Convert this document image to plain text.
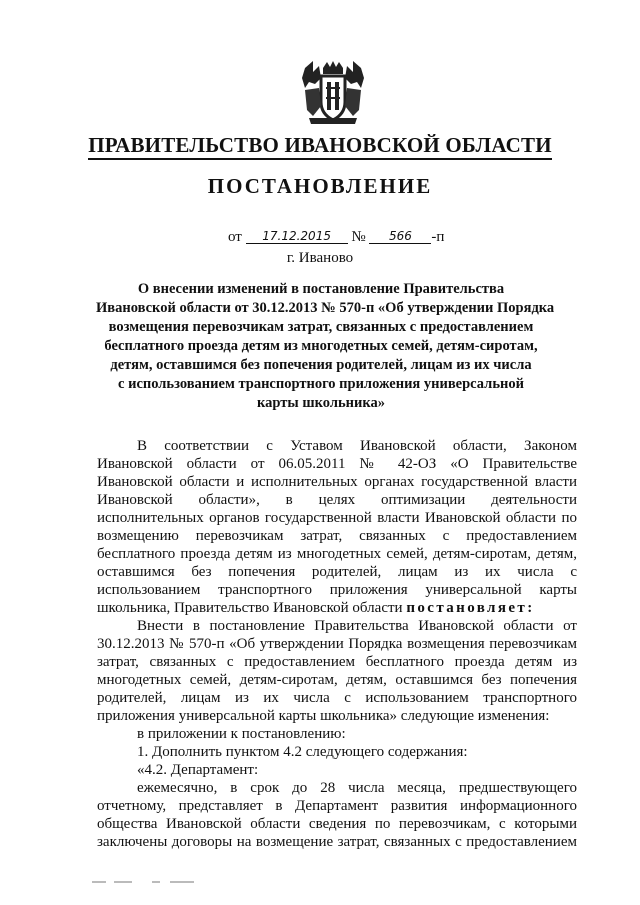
ПРАВИТЕЛЬСТВО ИВАНОВСКОЙ ОБЛАСТИ
ПОСТАНОВЛЕНИЕ
от 17.12.2015 № 566 -п
г. Иваново
О внесении изменений в постановление Правительства
Ивановской области от 30.12.2013 № 570-п «Об утверждении Порядка
возмещения перевозчикам затрат, связанных с предоставлением
бесплатного проезда детям из многодетных семей, детям-сиротам,
детям, оставшимся без попечения родителей, лицам из их числа
с использованием транспортного приложения универсальной
карты школьника»
В соответствии с Уставом Ивановской области, Законом
Ивановской области от 06.05.2011 № 42-ОЗ «О Правительстве
Ивановской области и исполнительных органах государственной власти
Ивановской области», в целях оптимизации деятельности
исполнительных органов государственной власти Ивановской области по
возмещению перевозчикам затрат, связанных с предоставлением
бесплатного проезда детям из многодетных семей, детям-сиротам, детям,
оставшимся без попечения родителей, лицам из их числа с
использованием транспортного приложения универсальной карты
школьника, Правительство Ивановской области постановляет:
Внести в постановление Правительства Ивановской области от
30.12.2013 № 570-п «Об утверждении Порядка возмещения перевозчикам
затрат, связанных с предоставлением бесплатного проезда детям из
многодетных семей, детям-сиротам, детям, оставшимся без попечения
родителей, лицам из их числа с использованием транспортного
приложения универсальной карты школьника» следующие изменения:
в приложении к постановлению:
1. Дополнить пунктом 4.2 следующего содержания:
«4.2. Департамент:
ежемесячно, в срок до 28 числа месяца, предшествующего
отчетному, представляет в Департамент развития информационного
общества Ивановской области сведения по перевозчикам, с которыми
заключены договоры на возмещение затрат, связанных с предоставлением
